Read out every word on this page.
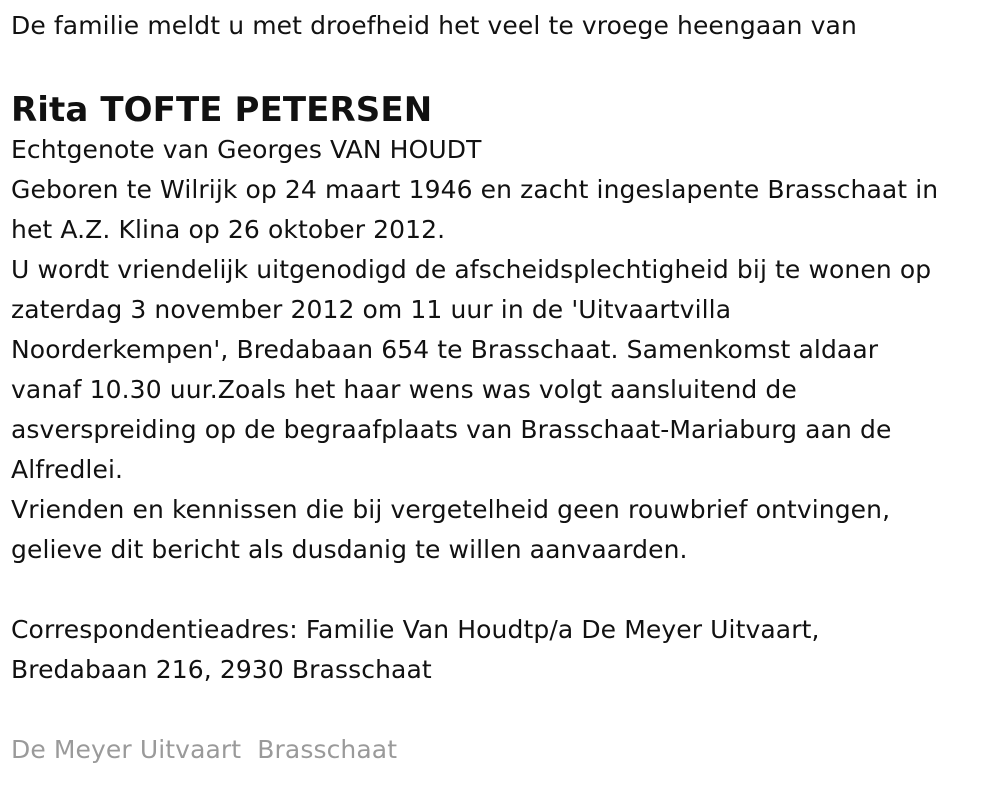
De familie meldt u met droefheid het veel te vroege heengaan van
Rita TOFTE PETERSEN
Echtgenote van Georges VAN HOUDT
Geboren te Wilrijk op 24 maart 1946 en zacht ingeslapente Brasschaat in
het A.Z. Klina op 26 oktober 2012.
U wordt vriendelijk uitgenodigd de afscheidsplechtigheid bij te wonen op
zaterdag 3 november 2012 om 11 uur in de 'Uitvaartvilla
Noorderkempen', Bredabaan 654 te Brasschaat. Samenkomst aldaar
vanaf 10.30 uur.Zoals het haar wens was volgt aansluitend de
asverspreiding op de begraafplaats van Brasschaat-Mariaburg aan de
Alfredlei.
Vrienden en kennissen die bij vergetelheid geen rouwbrief ontvingen,
gelieve dit bericht als dusdanig te willen aanvaarden.
Correspondentieadres: Familie Van Houdtp/a De Meyer Uitvaart,
Bredabaan 216, 2930 Brasschaat
De Meyer Uitvaart  Brasschaat
